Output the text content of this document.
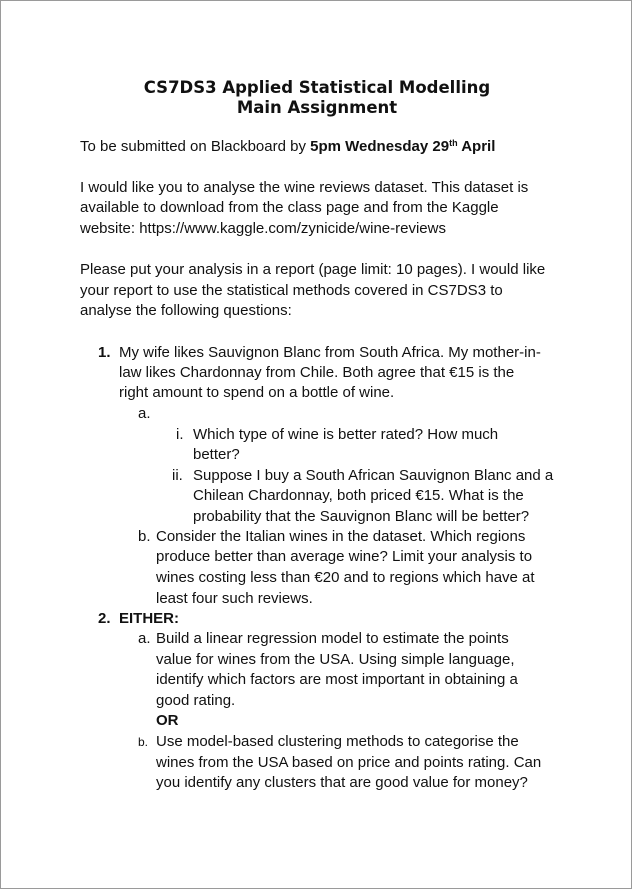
CS7DS3 Applied Statistical Modelling
Main Assignment
To be submitted on Blackboard by 5pm Wednesday 29th April
I would like you to analyse the wine reviews dataset. This dataset is
available to download from the class page and from the Kaggle
website: https://www.kaggle.com/zynicide/wine-reviews
Please put your analysis in a report (page limit: 10 pages). I would like
your report to use the statistical methods covered in CS7DS3 to
analyse the following questions:
1. My wife likes Sauvignon Blanc from South Africa. My mother-in-
law likes Chardonnay from Chile. Both agree that €15 is the
right amount to spend on a bottle of wine.
a.
i. Which type of wine is better rated? How much
better?
ii. Suppose I buy a South African Sauvignon Blanc and a
Chilean Chardonnay, both priced €15. What is the
probability that the Sauvignon Blanc will be better?
b. Consider the Italian wines in the dataset. Which regions
produce better than average wine? Limit your analysis to
wines costing less than €20 and to regions which have at
least four such reviews.
2. EITHER:
a. Build a linear regression model to estimate the points
value for wines from the USA. Using simple language,
identify which factors are most important in obtaining a
good rating.
OR
b. Use model-based clustering methods to categorise the
wines from the USA based on price and points rating. Can
you identify any clusters that are good value for money?
